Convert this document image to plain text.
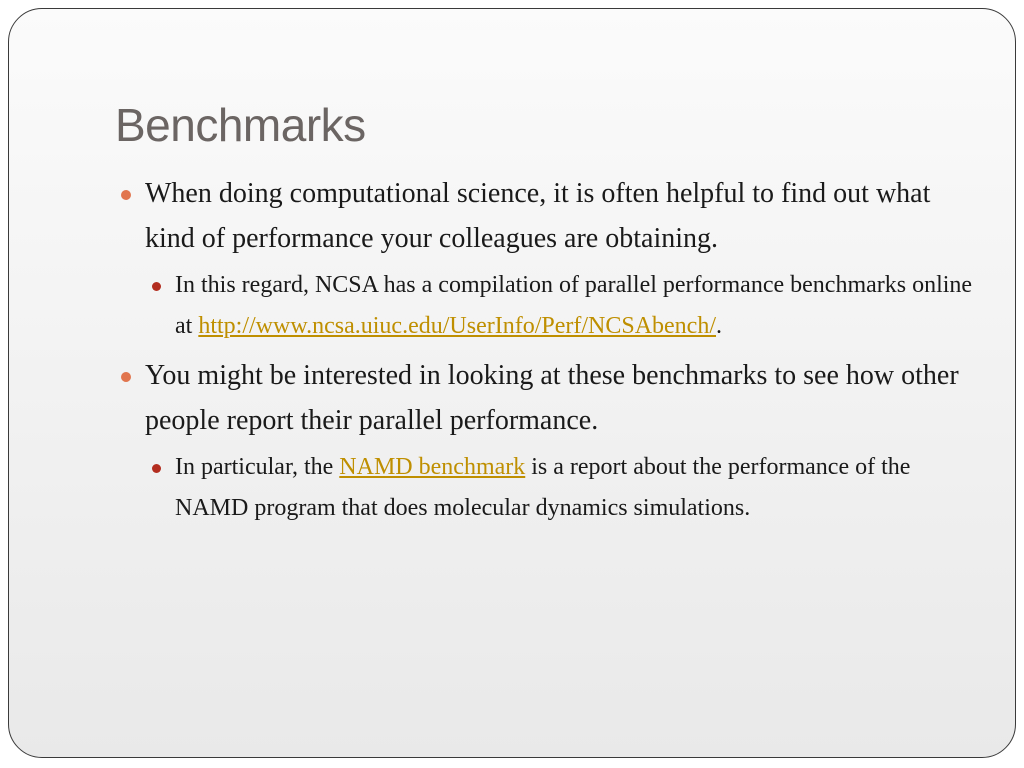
Benchmarks
When doing computational science, it is often helpful to find out what kind of performance your colleagues are obtaining.
In this regard, NCSA has a compilation of parallel performance benchmarks online at http://www.ncsa.uiuc.edu/UserInfo/Perf/NCSAbench/.
You might be interested in looking at these benchmarks to see how other people report their parallel performance.
In particular, the NAMD benchmark is a report about the performance of the NAMD program that does molecular dynamics simulations.
